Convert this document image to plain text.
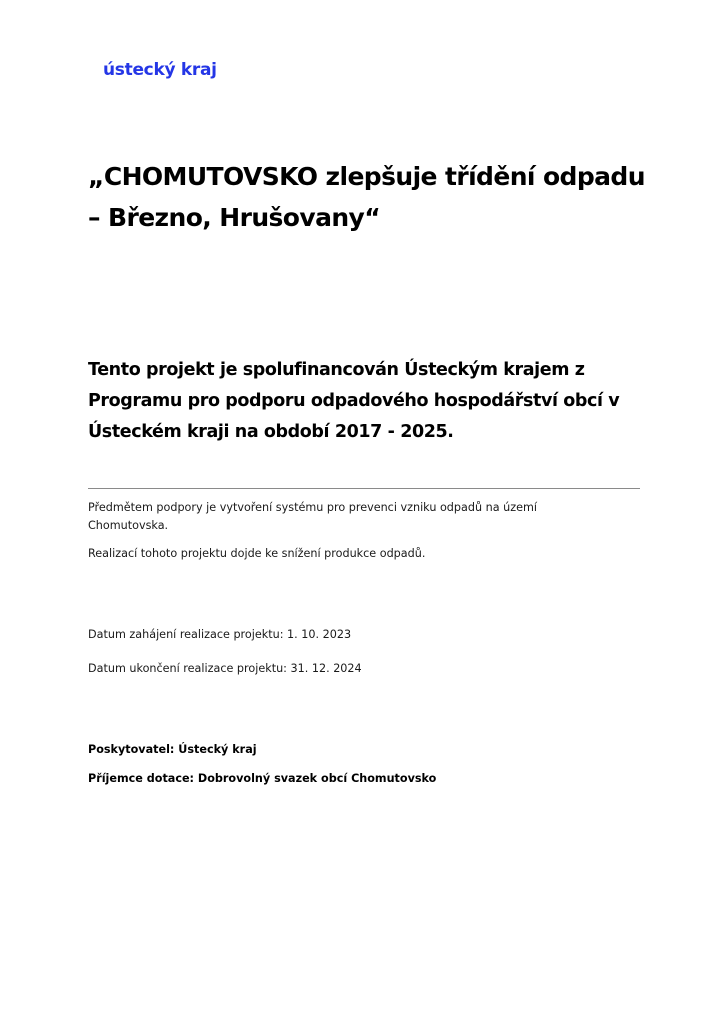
ústecký kraj
„CHOMUTOVSKO zlepšuje třídění odpadu – Březno, Hrušovany“
Tento projekt je spolufinancován Ústeckým krajem z Programu pro podporu odpadového hospodářství obcí v Ústeckém kraji na období 2017 - 2025.

Předmětem podpory je vytvoření systému pro prevenci vzniku odpadů na území Chomutovska.

Realizací tohoto projektu dojde ke snížení produkce odpadů.

Datum zahájení realizace projektu: 1. 10. 2023

Datum ukončení realizace projektu: 31. 12. 2024

Poskytovatel: Ústecký kraj

Příjemce dotace: Dobrovolný svazek obcí Chomutovsko
